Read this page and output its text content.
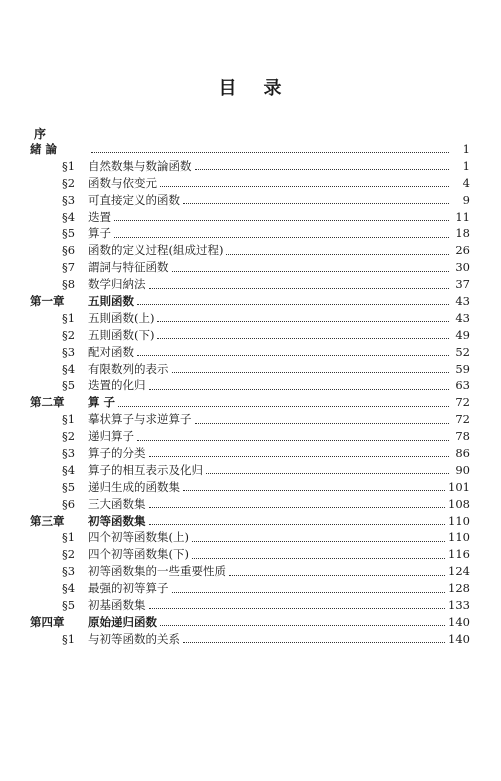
目 录
序
緒 論	1
§1	自然数集与数論函数	1
§2	函数与依变元	4
§3	可直接定义的函数	9
§4	迭置	11
§5	算子	18
§6	函数的定义过程(組成过程)	26
§7	謂詞与特征函数	30
§8	数学归納法	37
第一章	五則函数	43
§1	五則函数(上)	43
§2	五則函数(下)	49
§3	配对函数	52
§4	有限数列的表示	59
§5	迭置的化归	63
第二章	算 子	72
§1	摹状算子与求逆算子	72
§2	递归算子	78
§3	算子的分类	86
§4	算子的相互表示及化归	90
§5	递归生成的函数集	101
§6	三大函数集	108
第三章	初等函数集	110
§1	四个初等函数集(上)	110
§2	四个初等函数集(下)	116
§3	初等函数集的一些重要性质	124
§4	最强的初等算子	128
§5	初基函数集	133
第四章	原始递归函数	140
§1	与初等函数的关系	140
